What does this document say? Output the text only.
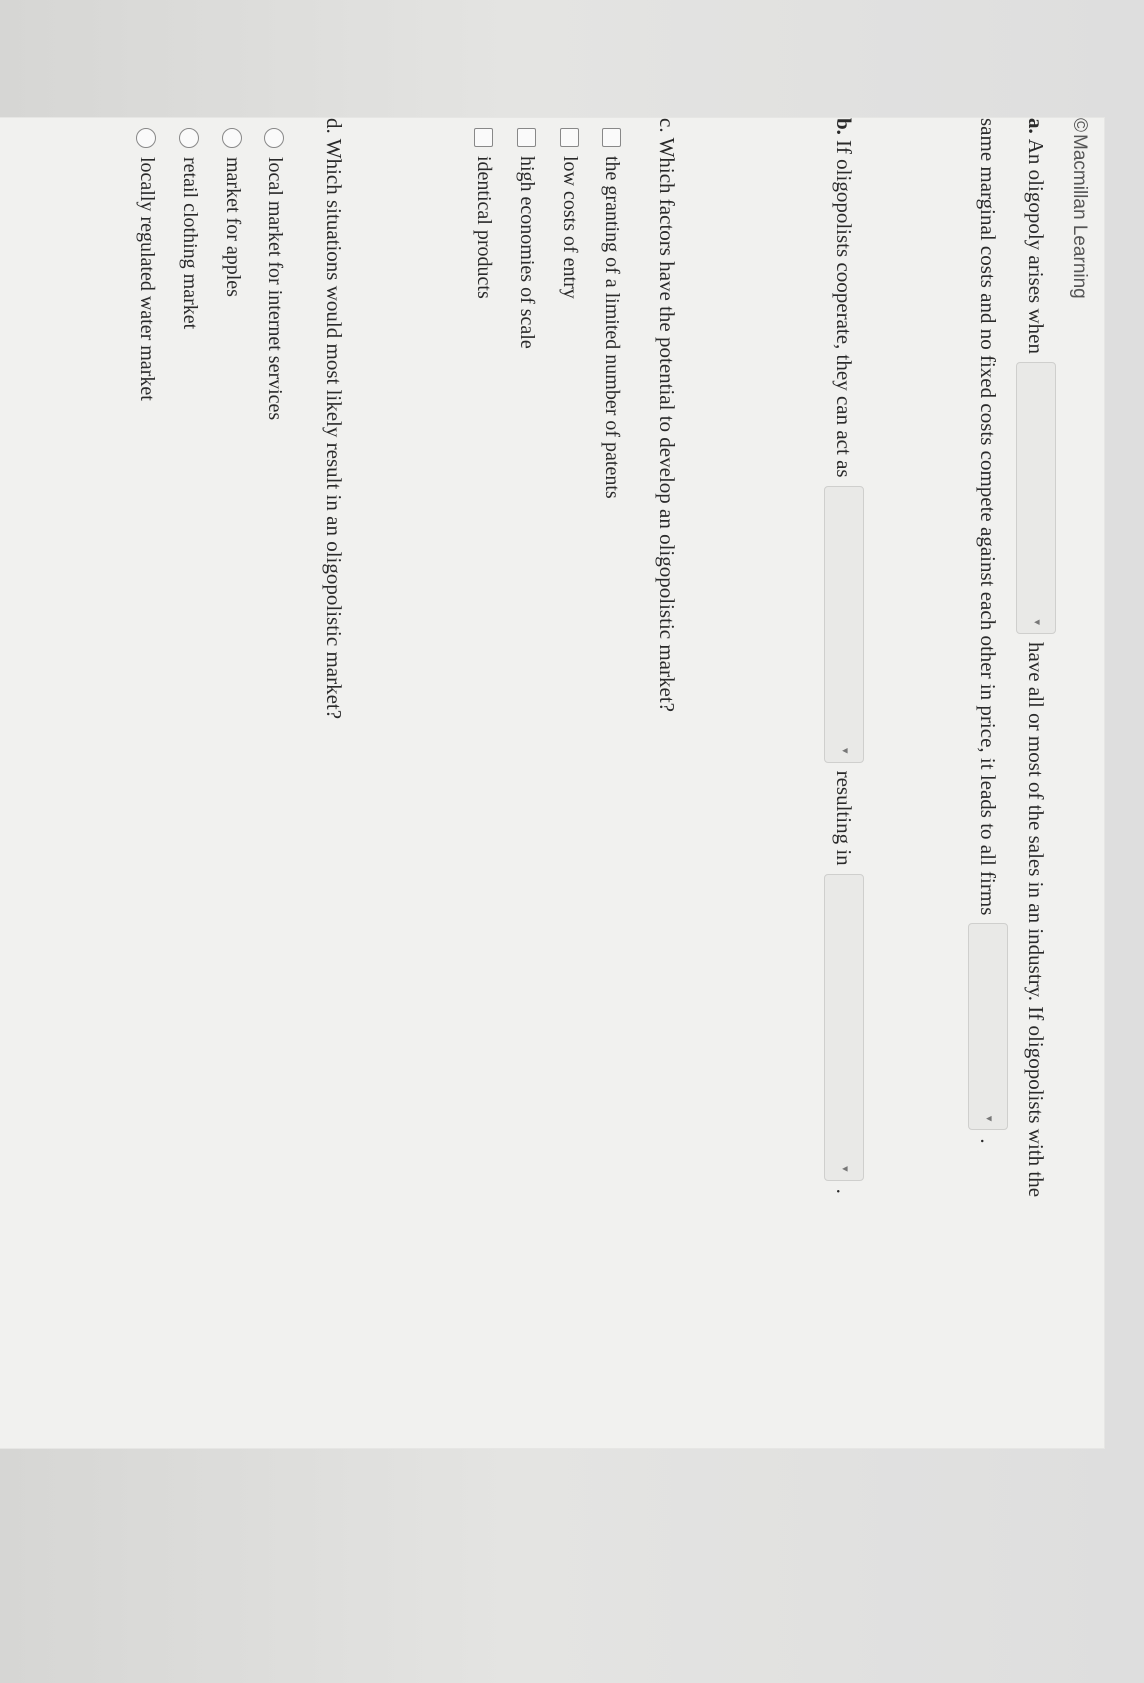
©Macmillan Learning
a.
An oligopoly arises when
▾
have all or most of the sales in an industry. If oligopolists with the
same marginal costs and no fixed costs compete against each other in price, it leads to all firms
▾
.
b.
If oligopolists cooperate, they can act as
▾
resulting in
▾
.
c.
Which factors have the potential to develop an oligopolistic market?
the granting of a limited number of patents
low costs of entry
high economies of scale
identical products
d.
Which situations would most likely result in an oligopolistic market?
local market for internet services
market for apples
retail clothing market
locally regulated water market
